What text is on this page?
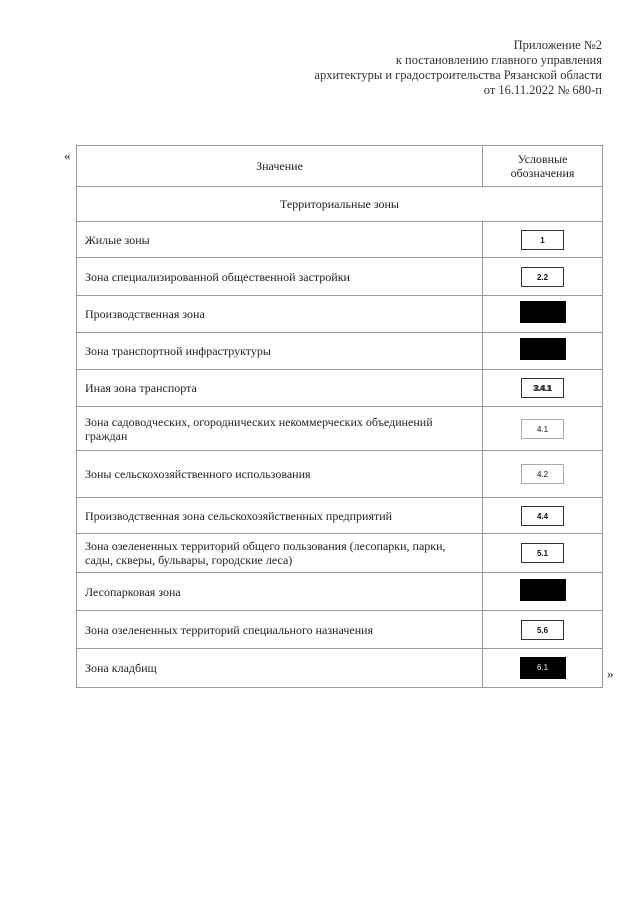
Приложение №2
к постановлению главного управления
архитектуры и градостроительства Рязанской области
от 16.11.2022 № 680-п
«
Значение	Условные
обозначения

Территориальные зоны	
Жилые зоны	1
Зона специализированной общественной застройки	2.2
Производственная зона	
Зона транспортной инфраструктуры	
Иная зона транспорта	3.4.1
Зона садоводческих, огороднических некоммерческих объединений граждан	4.1
Зоны сельскохозяйственного использования	4.2
Производственная зона сельскохозяйственных предприятий	4.4
Зона озелененных территорий общего пользования (лесопарки, парки, сады, скверы, бульвары, городские леса)	5.1
Лесопарковая зона	
Зона озелененных территорий специального назначения	5.6
Зона кладбищ	6.1	»
